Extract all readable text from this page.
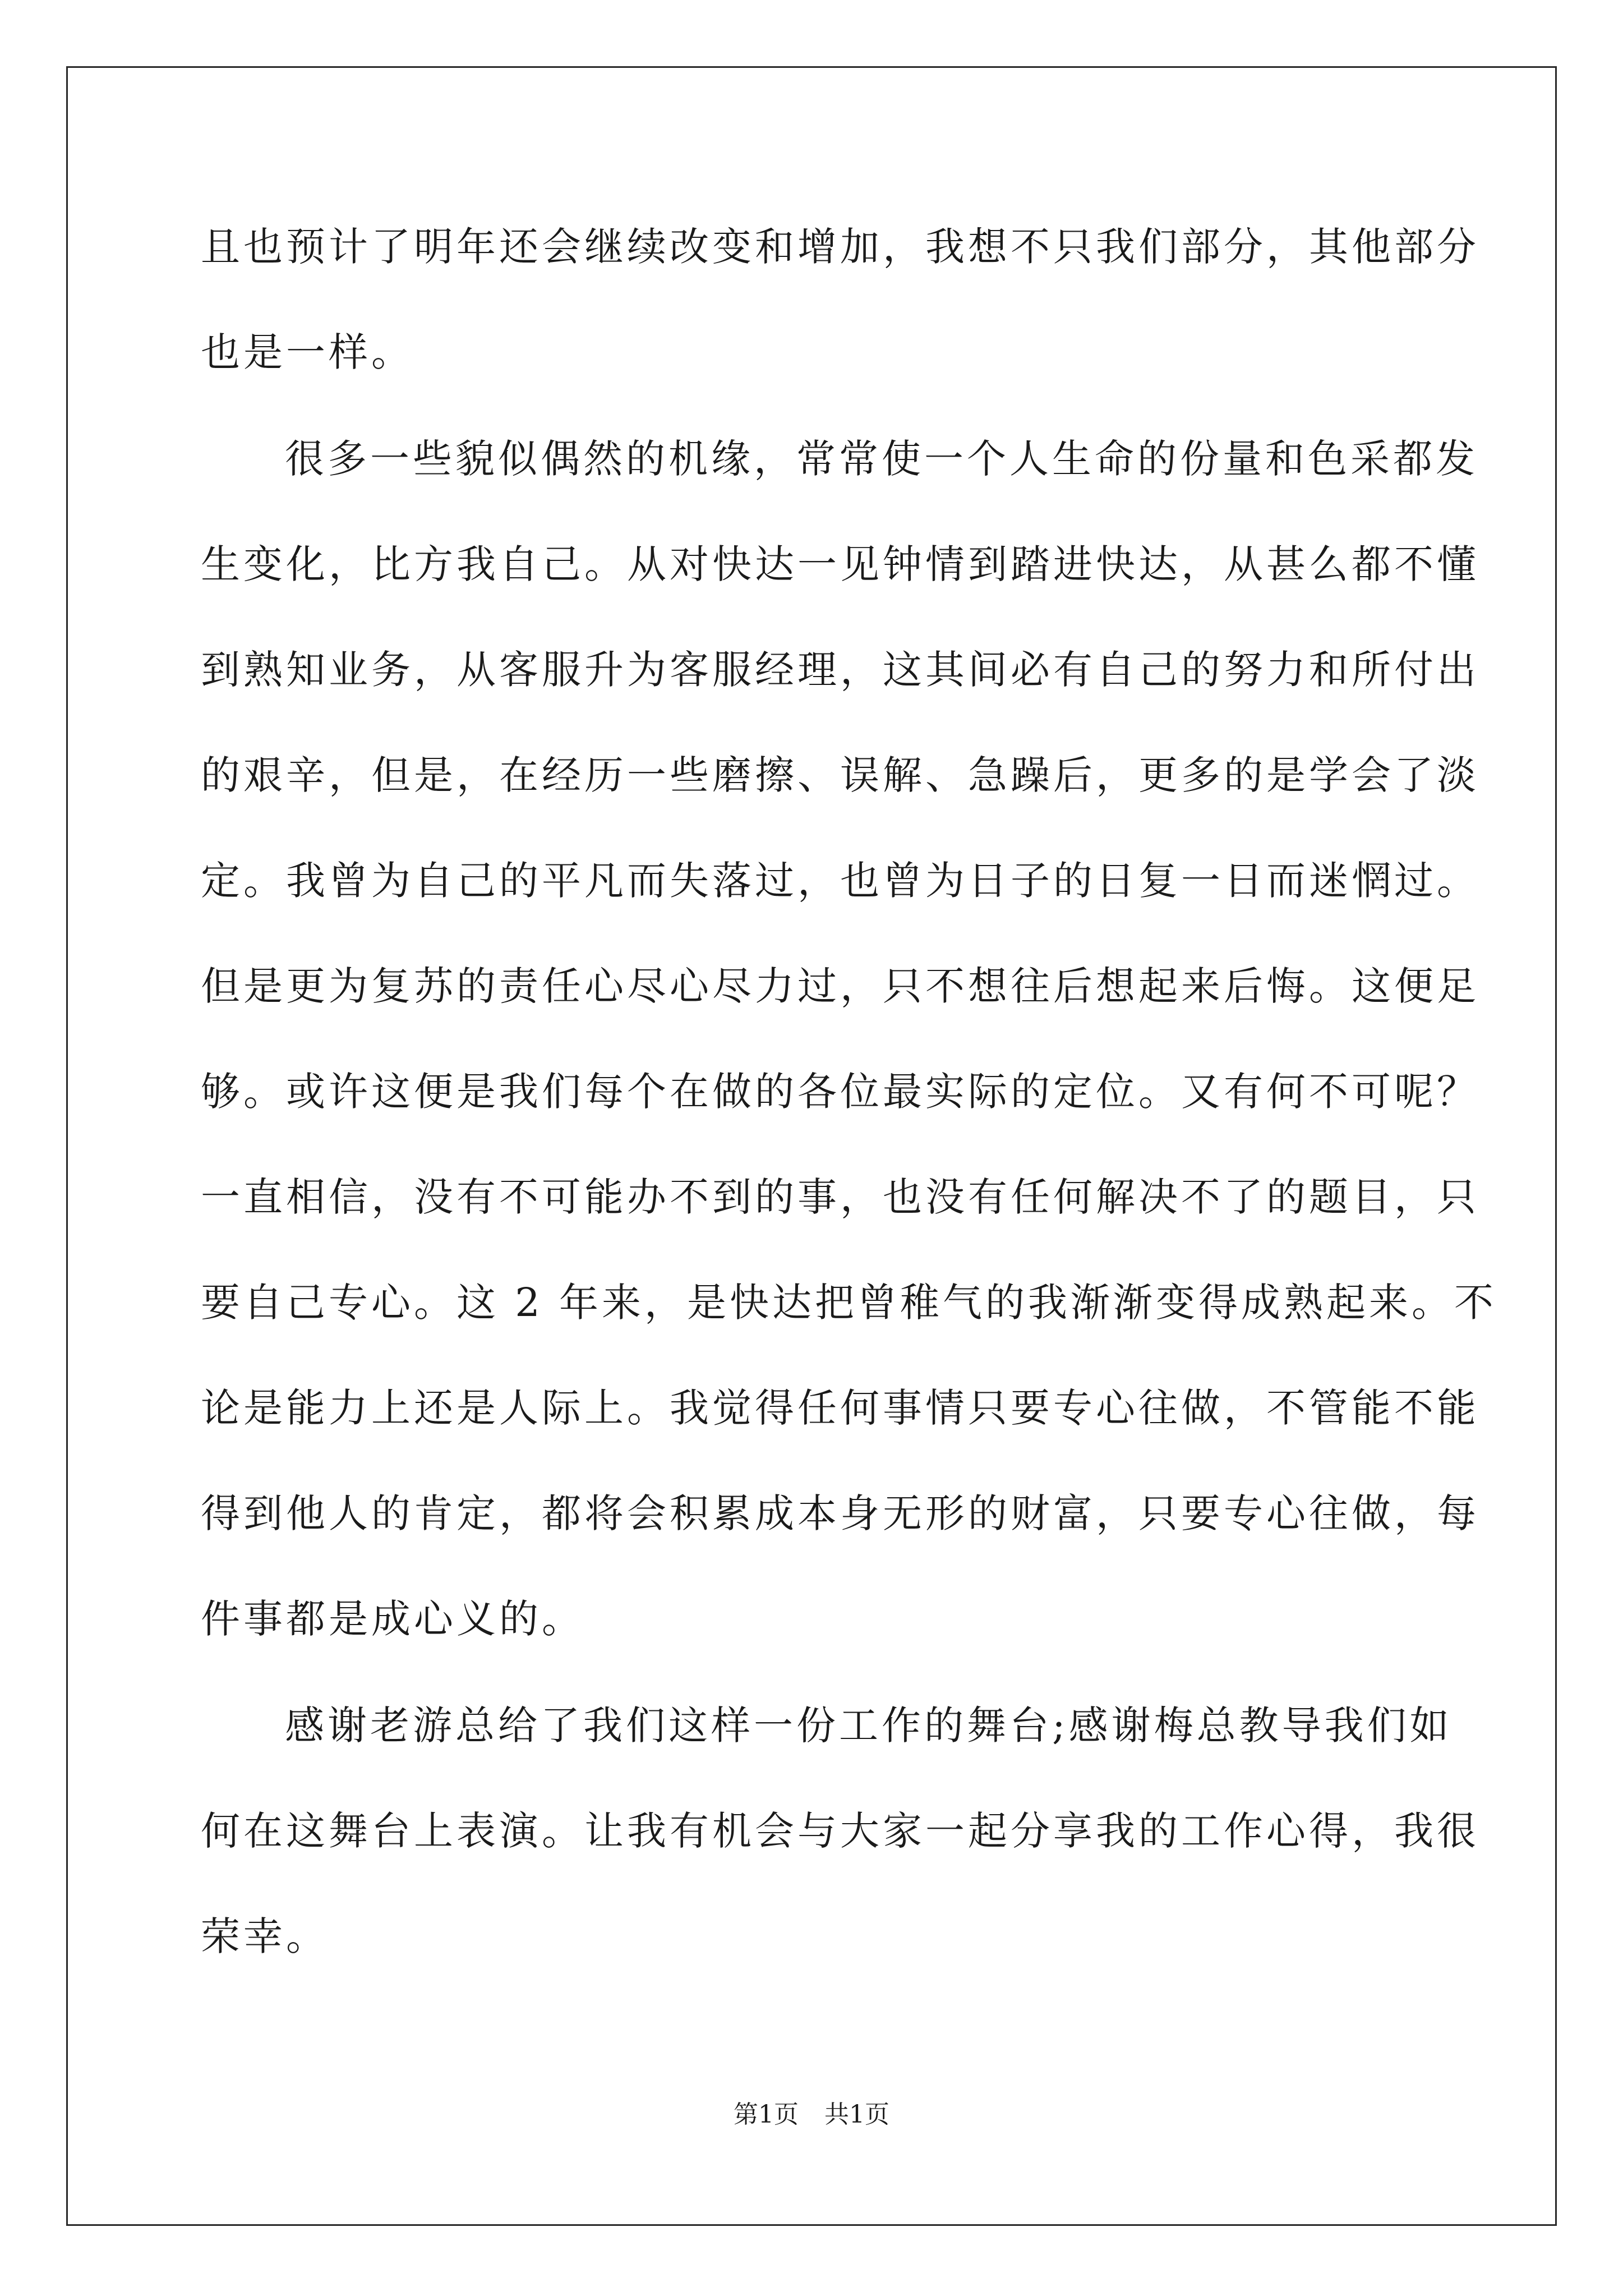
且也预计了明年还会继续改变和增加，我想不只我们部分，其他部分
也是一样。
很多一些貌似偶然的机缘，常常使一个人生命的份量和色采都发
生变化，比方我自己。从对快达一见钟情到踏进快达，从甚么都不懂
到熟知业务，从客服升为客服经理，这其间必有自己的努力和所付出
的艰辛，但是，在经历一些磨擦、误解、急躁后，更多的是学会了淡
定。我曾为自己的平凡而失落过，也曾为日子的日复一日而迷惘过。
但是更为复苏的责任心尽心尽力过，只不想往后想起来后悔。这便足
够。或许这便是我们每个在做的各位最实际的定位。又有何不可呢？
一直相信，没有不可能办不到的事，也没有任何解决不了的题目，只
要自己专心。这 2 年来，是快达把曾稚气的我渐渐变得成熟起来。不
论是能力上还是人际上。我觉得任何事情只要专心往做，不管能不能
得到他人的肯定，都将会积累成本身无形的财富，只要专心往做，每
件事都是成心义的。
感谢老游总给了我们这样一份工作的舞台;感谢梅总教导我们如
何在这舞台上表演。让我有机会与大家一起分享我的工作心得，我很
荣幸。
第1页 共1页
